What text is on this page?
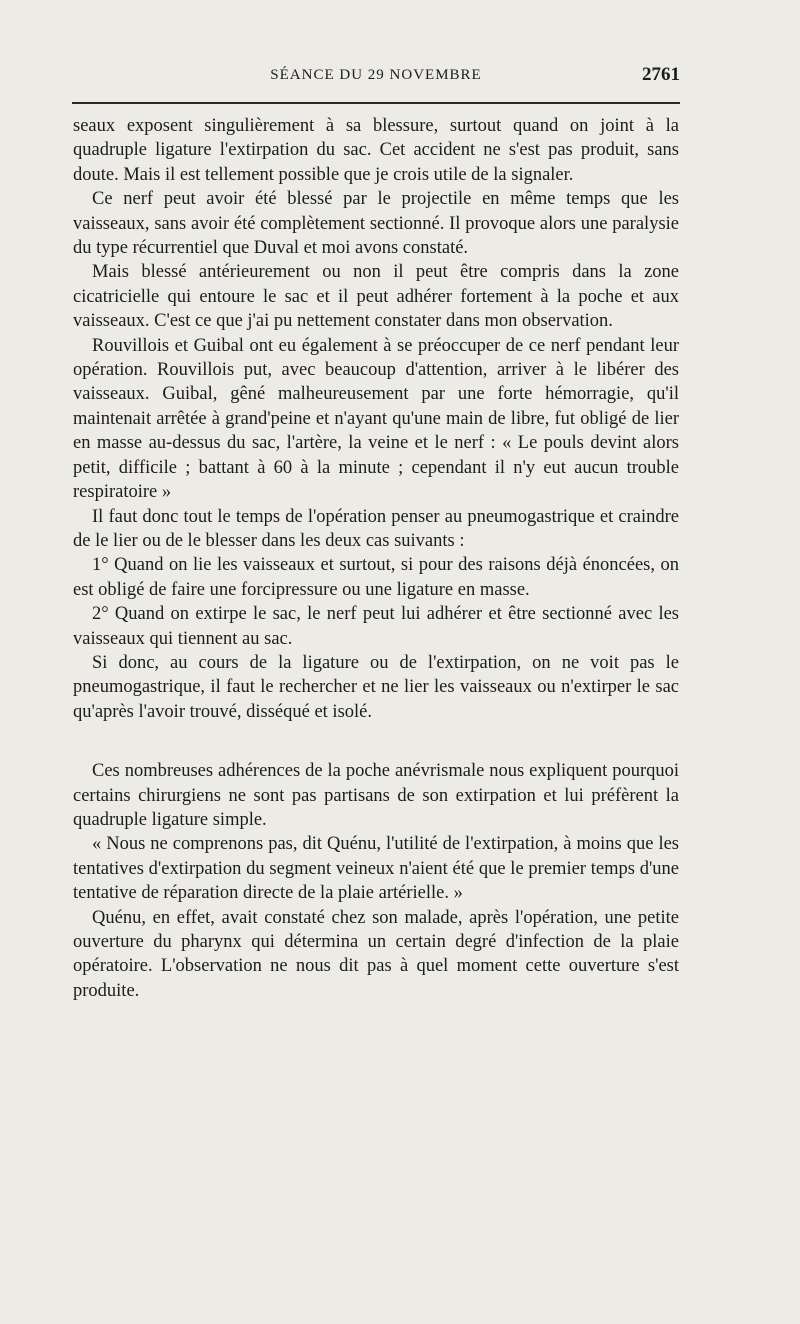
SÉANCE DU 29 NOVEMBRE	2761

seaux exposent singulièrement à sa blessure, surtout quand on joint à la quadruple ligature l'extirpation du sac. Cet accident ne s'est pas produit, sans doute. Mais il est tellement possible que je crois utile de la signaler.

Ce nerf peut avoir été blessé par le projectile en même temps que les vaisseaux, sans avoir été complètement sectionné. Il provoque alors une paralysie du type récurrentiel que Duval et moi avons constaté.

Mais blessé antérieurement ou non il peut être compris dans la zone cicatricielle qui entoure le sac et il peut adhérer fortement à la poche et aux vaisseaux. C'est ce que j'ai pu nettement constater dans mon observation.

Rouvillois et Guibal ont eu également à se préoccuper de ce nerf pendant leur opération. Rouvillois put, avec beaucoup d'attention, arriver à le libérer des vaisseaux. Guibal, gêné malheureusement par une forte hémorragie, qu'il maintenait arrêtée à grand'peine et n'ayant qu'une main de libre, fut obligé de lier en masse au-dessus du sac, l'artère, la veine et le nerf : « Le pouls devint alors petit, difficile ; battant à 60 à la minute ; cependant il n'y eut aucun trouble respiratoire »

Il faut donc tout le temps de l'opération penser au pneumogastrique et craindre de le lier ou de le blesser dans les deux cas suivants :

1° Quand on lie les vaisseaux et surtout, si pour des raisons déjà énoncées, on est obligé de faire une forcipressure ou une ligature en masse.

2° Quand on extirpe le sac, le nerf peut lui adhérer et être sectionné avec les vaisseaux qui tiennent au sac.

Si donc, au cours de la ligature ou de l'extirpation, on ne voit pas le pneumogastrique, il faut le rechercher et ne lier les vaisseaux ou n'extirper le sac qu'après l'avoir trouvé, disséqué et isolé.

Ces nombreuses adhérences de la poche anévrismale nous expliquent pourquoi certains chirurgiens ne sont pas partisans de son extirpation et lui préfèrent la quadruple ligature simple.

« Nous ne comprenons pas, dit Quénu, l'utilité de l'extirpation, à moins que les tentatives d'extirpation du segment veineux n'aient été que le premier temps d'une tentative de réparation directe de la plaie artérielle. »

Quénu, en effet, avait constaté chez son malade, après l'opération, une petite ouverture du pharynx qui détermina un certain degré d'infection de la plaie opératoire. L'observation ne nous dit pas à quel moment cette ouverture s'est produite.
